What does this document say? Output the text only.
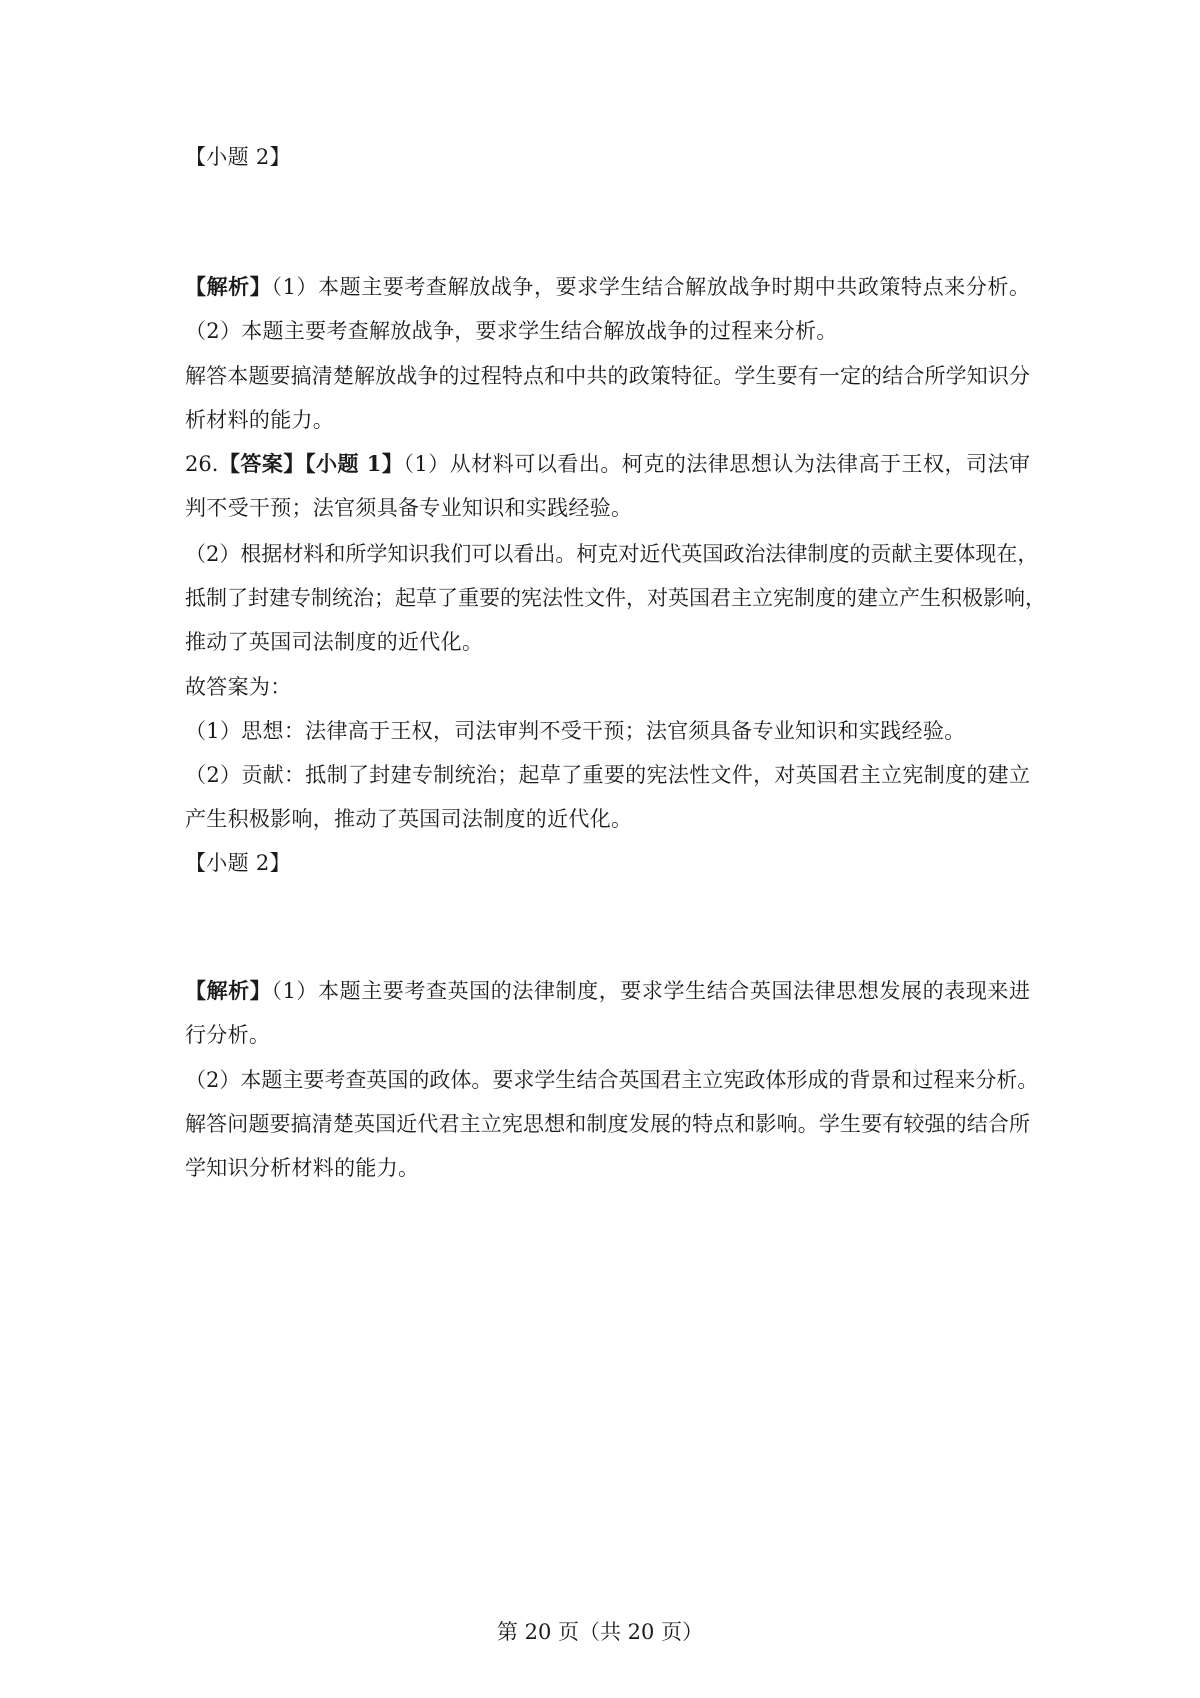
【小题 2】
【解析】（1）本题主要考查解放战争，要求学生结合解放战争时期中共政策特点来分析。
（2）本题主要考查解放战争，要求学生结合解放战争的过程来分析。
解答本题要搞清楚解放战争的过程特点和中共的政策特征。学生要有一定的结合所学知识分
析材料的能力。
26.【答案】【小题 1】（1）从材料可以看出。柯克的法律思想认为法律高于王权，司法审
判不受干预；法官须具备专业知识和实践经验。
（2）根据材料和所学知识我们可以看出。柯克对近代英国政治法律制度的贡献主要体现在，
抵制了封建专制统治；起草了重要的宪法性文件，对英国君主立宪制度的建立产生积极影响，
推动了英国司法制度的近代化。
故答案为：
（1）思想：法律高于王权，司法审判不受干预；法官须具备专业知识和实践经验。
（2）贡献：抵制了封建专制统治；起草了重要的宪法性文件，对英国君主立宪制度的建立
产生积极影响，推动了英国司法制度的近代化。
【小题 2】
【解析】（1）本题主要考查英国的法律制度，要求学生结合英国法律思想发展的表现来进
行分析。
（2）本题主要考查英国的政体。要求学生结合英国君主立宪政体形成的背景和过程来分析。
解答问题要搞清楚英国近代君主立宪思想和制度发展的特点和影响。学生要有较强的结合所
学知识分析材料的能力。
第 20 页（共 20 页）
